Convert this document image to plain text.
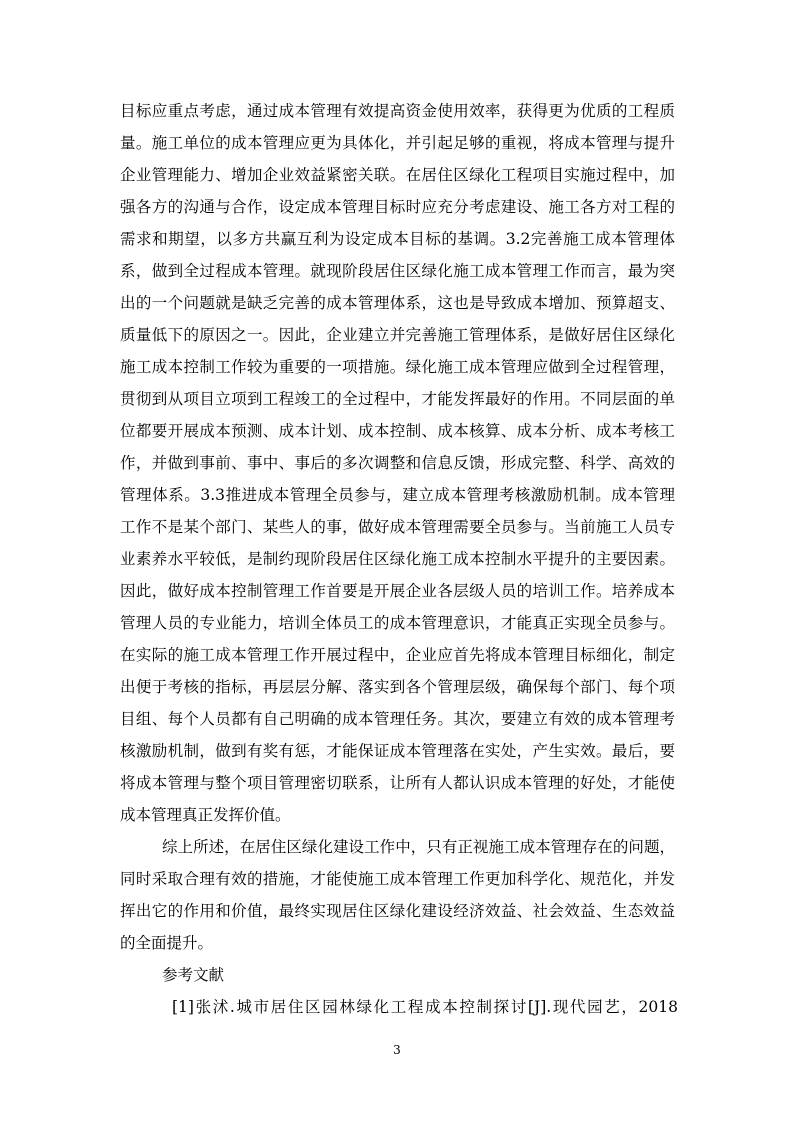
目标应重点考虑，通过成本管理有效提高资金使用效率，获得更为优质的工程质
量。施工单位的成本管理应更为具体化，并引起足够的重视，将成本管理与提升
企业管理能力、增加企业效益紧密关联。在居住区绿化工程项目实施过程中，加
强各方的沟通与合作，设定成本管理目标时应充分考虑建设、施工各方对工程的
需求和期望，以多方共赢互利为设定成本目标的基调。3.2完善施工成本管理体
系，做到全过程成本管理。就现阶段居住区绿化施工成本管理工作而言，最为突
出的一个问题就是缺乏完善的成本管理体系，这也是导致成本增加、预算超支、
质量低下的原因之一。因此，企业建立并完善施工管理体系，是做好居住区绿化
施工成本控制工作较为重要的一项措施。绿化施工成本管理应做到全过程管理，
贯彻到从项目立项到工程竣工的全过程中，才能发挥最好的作用。不同层面的单
位都要开展成本预测、成本计划、成本控制、成本核算、成本分析、成本考核工
作，并做到事前、事中、事后的多次调整和信息反馈，形成完整、科学、高效的
管理体系。3.3推进成本管理全员参与，建立成本管理考核激励机制。成本管理
工作不是某个部门、某些人的事，做好成本管理需要全员参与。当前施工人员专
业素养水平较低，是制约现阶段居住区绿化施工成本控制水平提升的主要因素。
因此，做好成本控制管理工作首要是开展企业各层级人员的培训工作。培养成本
管理人员的专业能力，培训全体员工的成本管理意识，才能真正实现全员参与。
在实际的施工成本管理工作开展过程中，企业应首先将成本管理目标细化，制定
出便于考核的指标，再层层分解、落实到各个管理层级，确保每个部门、每个项
目组、每个人员都有自己明确的成本管理任务。其次，要建立有效的成本管理考
核激励机制，做到有奖有惩，才能保证成本管理落在实处，产生实效。最后，要
将成本管理与整个项目管理密切联系，让所有人都认识成本管理的好处，才能使
成本管理真正发挥价值。
综上所述，在居住区绿化建设工作中，只有正视施工成本管理存在的问题，
同时采取合理有效的措施，才能使施工成本管理工作更加科学化、规范化，并发
挥出它的作用和价值，最终实现居住区绿化建设经济效益、社会效益、生态效益
的全面提升。
参考文献
[1]张沭.城市居住区园林绿化工程成本控制探讨[J].现代园艺，2018
3
